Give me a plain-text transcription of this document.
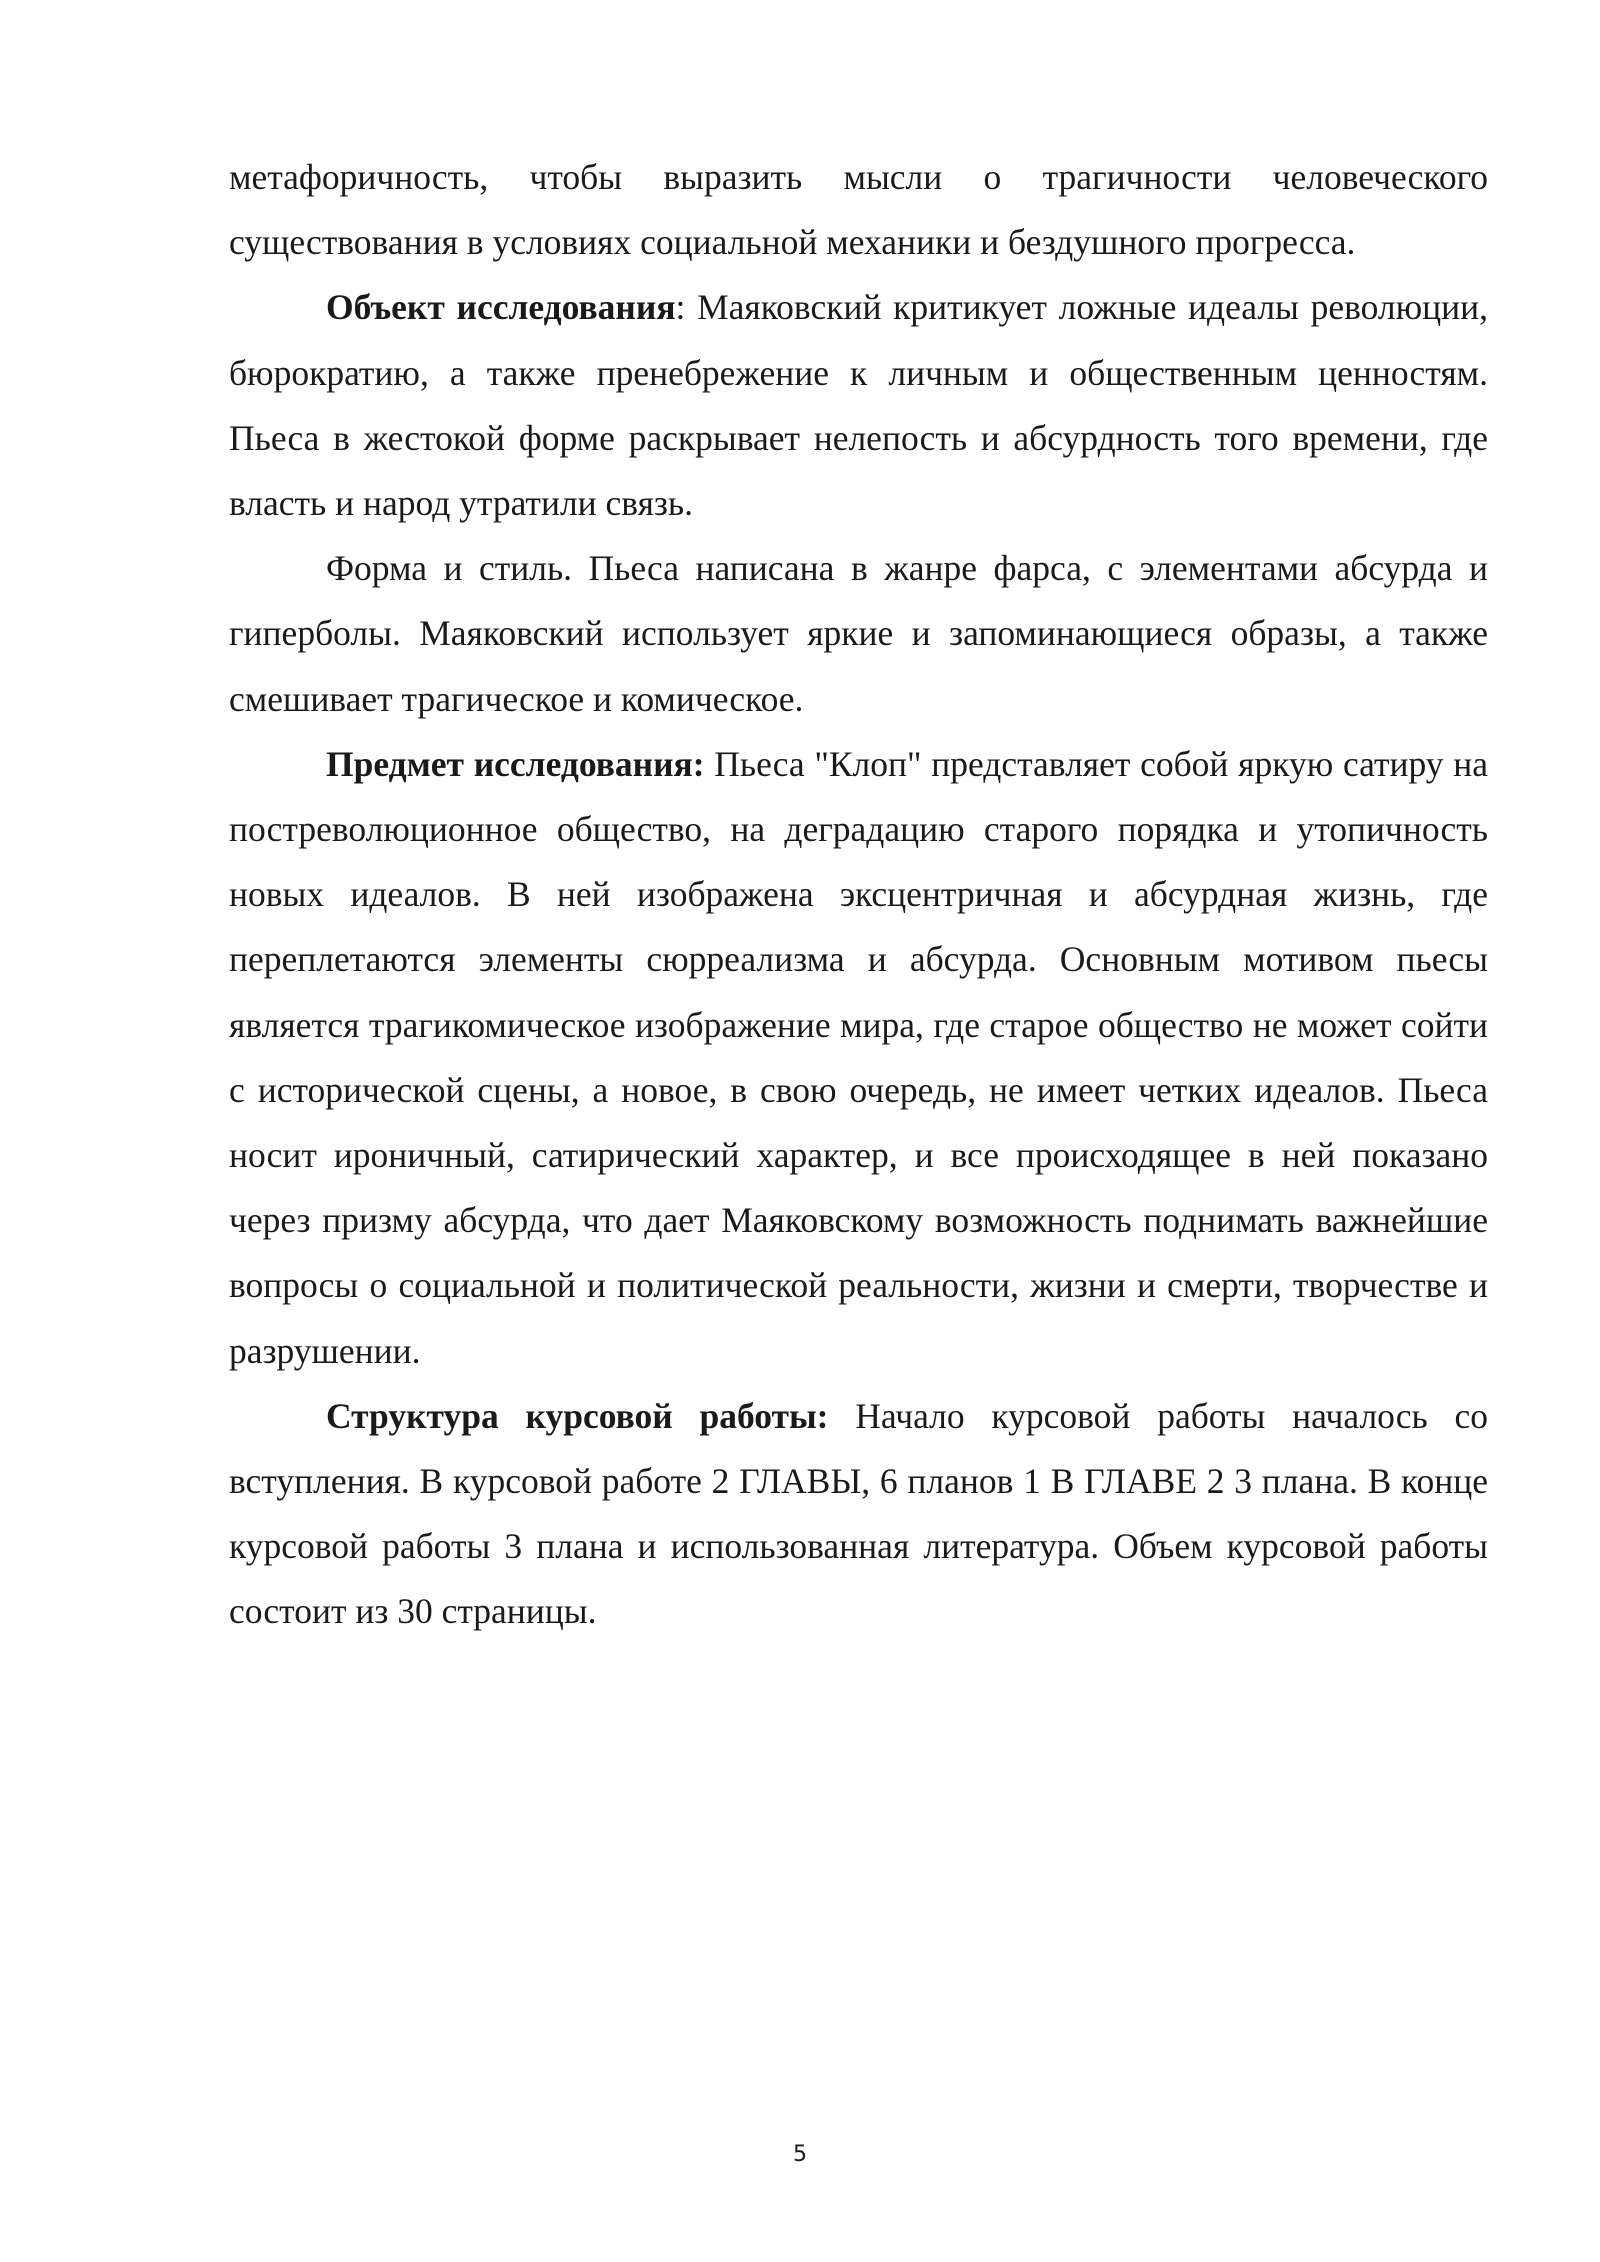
метафоричность, чтобы выразить мысли о трагичности человеческого существования в условиях социальной механики и бездушного прогресса.

Объект исследования: Маяковский критикует ложные идеалы революции, бюрократию, а также пренебрежение к личным и общественным ценностям. Пьеса в жестокой форме раскрывает нелепость и абсурдность того времени, где власть и народ утратили связь.

Форма и стиль. Пьеса написана в жанре фарса, с элементами абсурда и гиперболы. Маяковский использует яркие и запоминающиеся образы, а также смешивает трагическое и комическое.

Предмет исследования: Пьеса "Клоп" представляет собой яркую сатиру на постреволюционное общество, на деградацию старого порядка и утопичность новых идеалов. В ней изображена эксцентричная и абсурдная жизнь, где переплетаются элементы сюрреализма и абсурда. Основным мотивом пьесы является трагикомическое изображение мира, где старое общество не может сойти с исторической сцены, а новое, в свою очередь, не имеет четких идеалов. Пьеса носит ироничный, сатирический характер, и все происходящее в ней показано через призму абсурда, что дает Маяковскому возможность поднимать важнейшие вопросы о социальной и политической реальности, жизни и смерти, творчестве и разрушении.

Структура курсовой работы: Начало курсовой работы началось со вступления. В курсовой работе 2 ГЛАВЫ, 6 планов 1 В ГЛАВЕ 2 3 плана. В конце курсовой работы 3 плана и использованная литература. Объем курсовой работы состоит из 30 страницы.

5
